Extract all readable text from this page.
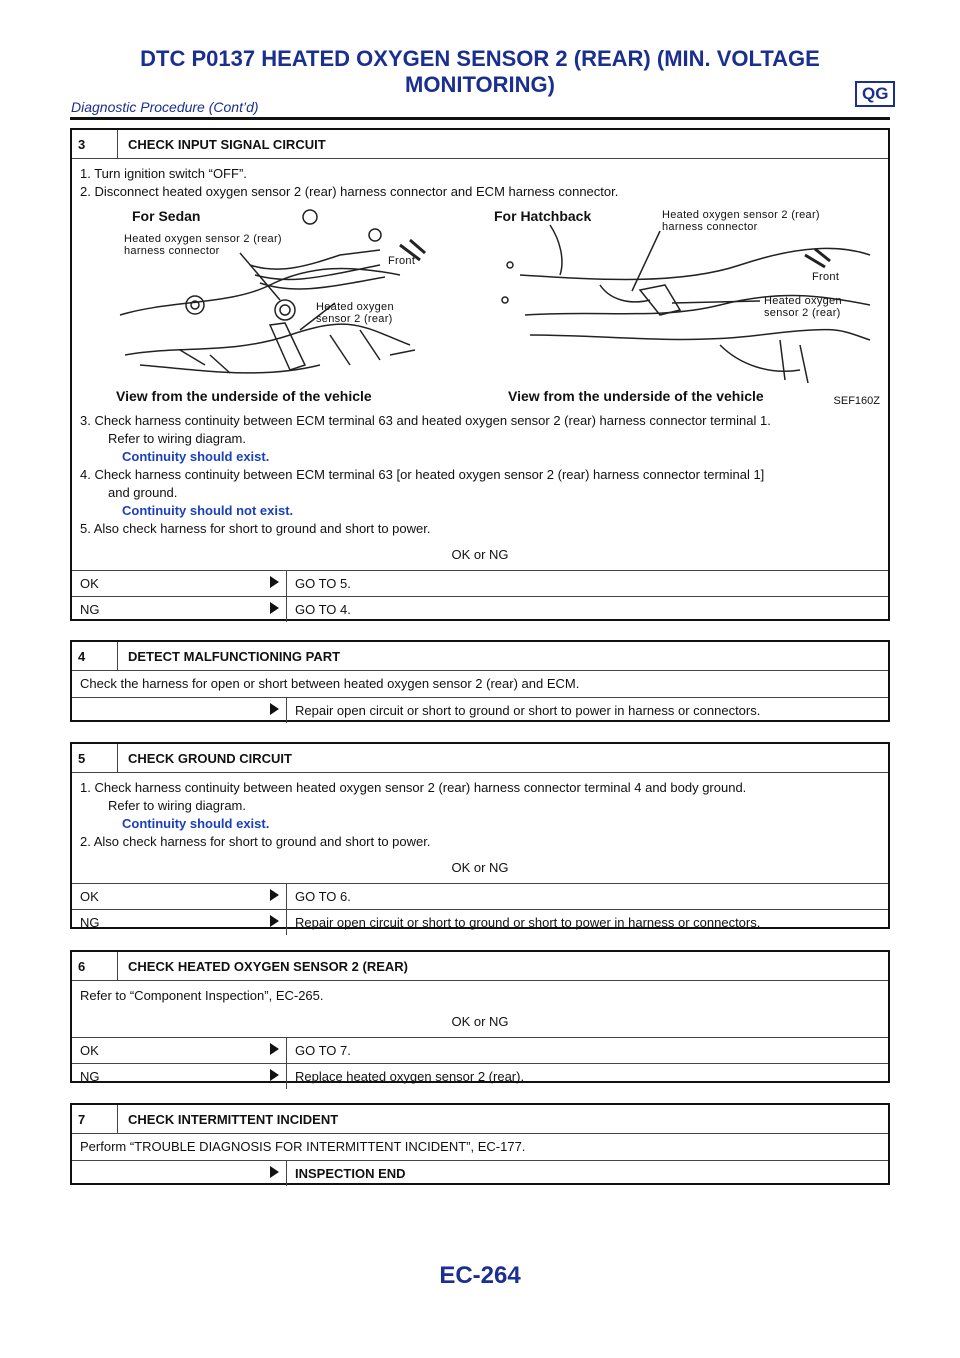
DTC P0137 HEATED OXYGEN SENSOR 2 (REAR) (MIN. VOLTAGE
MONITORING)	QG
Diagnostic Procedure (Cont’d)
3	CHECK INPUT SIGNAL CIRCUIT

1. Turn ignition switch “OFF”.

2. Disconnect heated oxygen sensor 2 (rear) harness connector and ECM harness connector.

For Sedan	For Hatchback
Heated oxygen sensor 2 (rear)
harness connector
Front
Heated oxygen
sensor 2 (rear)
Heated oxygen sensor 2 (rear)
harness connector
Front
Heated oxygen
sensor 2 (rear)
View from the underside of the vehicle	View from the underside of the vehicle	SEF160Z

3. Check harness continuity between ECM terminal 63 and heated oxygen sensor 2 (rear) harness connector terminal 1.

Refer to wiring diagram.

Continuity should exist.

4. Check harness continuity between ECM terminal 63 [or heated oxygen sensor 2 (rear) harness connector terminal 1]

and ground.

Continuity should not exist.

5. Also check harness for short to ground and short to power.

OK or NG

OK	GO TO 5.
NG	GO TO 4.
4	DETECT MALFUNCTIONING PART

Check the harness for open or short between heated oxygen sensor 2 (rear) and ECM.

Repair open circuit or short to ground or short to power in harness or connectors.
5	CHECK GROUND CIRCUIT

1. Check harness continuity between heated oxygen sensor 2 (rear) harness connector terminal 4 and body ground.

Refer to wiring diagram.

Continuity should exist.

2. Also check harness for short to ground and short to power.

OK or NG

OK	GO TO 6.
NG	Repair open circuit or short to ground or short to power in harness or connectors.
6	CHECK HEATED OXYGEN SENSOR 2 (REAR)

Refer to “Component Inspection”, EC-265.

OK or NG

OK	GO TO 7.
NG	Replace heated oxygen sensor 2 (rear).
7	CHECK INTERMITTENT INCIDENT

Perform “TROUBLE DIAGNOSIS FOR INTERMITTENT INCIDENT”, EC-177.

INSPECTION END
EC-264
